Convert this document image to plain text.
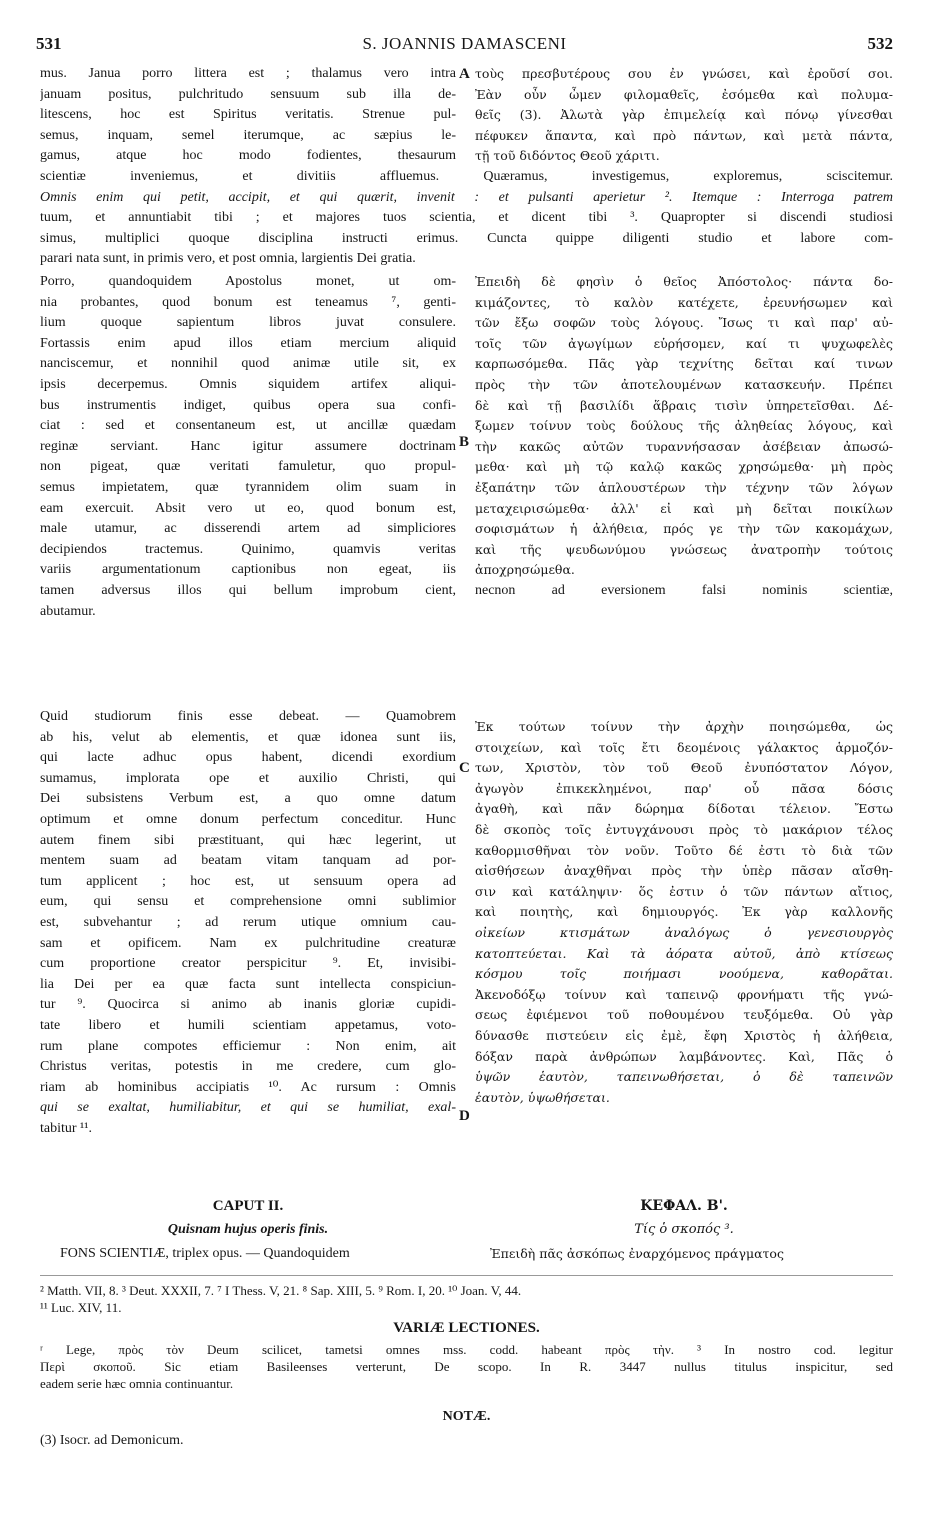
531	S. JOANNIS DAMASCENI	532
A
B
C
D
mus. Janua porro littera est ; thalamus vero intra
januam positus, pulchritudo sensuum sub illa de-
litescens, hoc est Spiritus veritatis. Strenue pul-
semus, inquam, semel iterumque, ac sæpius le-
gamus, atque hoc modo fodientes, thesaurum
τοὺς πρεσβυτέρους σου ἐν γνώσει, καὶ ἐροῦσί σοι.
Ἐὰν οὖν ὦμεν φιλομαθεῖς, ἐσόμεθα καὶ πολυμα-
θεῖς (3). Ἀλωτὰ γὰρ ἐπιμελείᾳ καὶ πόνῳ γίνεσθαι
πέφυκεν ἅπαντα, καὶ πρὸ πάντων, καὶ μετὰ πάντα,
τῇ τοῦ διδόντος Θεοῦ χάριτι.
scientiæ inveniemus, et divitiis affluemus. Quæramus, investigemus, exploremus, sciscitemur.
Omnis enim qui petit, accipit, et qui quærit, invenit : et pulsanti aperietur ². Itemque : Interroga patrem
tuum, et annuntiabit tibi ; et majores tuos scientia, et dicent tibi ³. Quapropter si discendi studiosi
simus, multiplici quoque disciplina instructi erimus. Cuncta quippe diligenti studio et labore com-
parari nata sunt, in primis vero, et post omnia, largientis Dei gratia.
Porro, quandoquidem Apostolus monet, ut om-
nia probantes, quod bonum est teneamus ⁷, genti-
lium quoque sapientum libros juvat consulere.
Fortassis enim apud illos etiam mercium aliquid
nanciscemur, et nonnihil quod animæ utile sit, ex
ipsis decerpemus. Omnis siquidem artifex aliqui-
bus instrumentis indiget, quibus opera sua confi-
ciat : sed et consentaneum est, ut ancillæ quædam
reginæ serviant. Hanc igitur assumere doctrinam
non pigeat, quæ veritati famuletur, quo propul-
semus impietatem, quæ tyrannidem olim suam in
eam exercuit. Absit vero ut eo, quod bonum est,
male utamur, ac disserendi artem ad simpliciores
decipiendos tractemus. Quinimo, quamvis veritas
variis argumentationum captionibus non egeat, iis
tamen adversus illos qui bellum improbum cient,
abutamur.
Ἐπειδὴ δὲ φησὶν ὁ θεῖος Ἀπόστολος· πάντα δο-
κιμάζοντες, τὸ καλὸν κατέχετε, ἐρευνήσωμεν καὶ
τῶν ἔξω σοφῶν τοὺς λόγους. Ἴσως τι καὶ παρ' αὐ-
τοῖς τῶν ἀγωγίμων εὑρήσομεν, καί τι ψυχωφελὲς
καρπωσόμεθα. Πᾶς γὰρ τεχνίτης δεῖται καί τινων
πρὸς τὴν τῶν ἀποτελουμένων κατασκευήν. Πρέπει
δὲ καὶ τῇ βασιλίδι ἅβραις τισὶν ὑπηρετεῖσθαι. Δέ-
ξωμεν τοίνυν τοὺς δούλους τῆς ἀληθείας λόγους, καὶ
τὴν κακῶς αὐτῶν τυραννήσασαν ἀσέβειαν ἀπωσώ-
μεθα· καὶ μὴ τῷ καλῷ κακῶς χρησώμεθα· μὴ πρὸς
ἐξαπάτην τῶν ἁπλουστέρων τὴν τέχνην τῶν λόγων
μεταχειρισώμεθα· ἀλλ' εἰ καὶ μὴ δεῖται ποικίλων
σοφισμάτων ἡ ἀλήθεια, πρός γε τὴν τῶν κακομάχων,
καὶ τῆς ψευδωνύμου γνώσεως ἀνατροπὴν τούτοις
ἀποχρησώμεθα.
necnon ad eversionem falsi nominis scientiæ,
Quid studiorum finis esse debeat. — Quamobrem
ab his, velut ab elementis, et quæ idonea sunt iis,
qui lacte adhuc opus habent, dicendi exordium
sumamus, implorata ope et auxilio Christi, qui
Dei subsistens Verbum est, a quo omne datum
optimum et omne donum perfectum conceditur. Hunc
autem finem sibi præstituant, qui hæc legerint, ut
mentem suam ad beatam vitam tanquam ad por-
tum applicent ; hoc est, ut sensuum opera ad
eum, qui sensu et comprehensione omni sublimior
est, subvehantur ; ad rerum utique omnium cau-
sam et opificem. Nam ex pulchritudine creaturæ
cum proportione creator perspicitur ⁹. Et, invisibi-
lia Dei per ea quæ facta sunt intellecta conspiciun-
tur ⁹. Quocirca si animo ab inanis gloriæ cupidi-
tate libero et humili scientiam appetamus, voto-
rum plane compotes efficiemur : Non enim, ait
Christus veritas, potestis in me credere, cum glo-
riam ab hominibus accipiatis ¹⁰. Ac rursum : Omnis
qui se exaltat, humiliabitur, et qui se humiliat, exal-
tabitur ¹¹.
Ἐκ τούτων τοίνυν τὴν ἀρχὴν ποιησώμεθα, ὡς
στοιχείων, καὶ τοῖς ἔτι δεομένοις γάλακτος ἁρμοζόν-
των, Χριστὸν, τὸν τοῦ Θεοῦ ἐνυπόστατον Λόγον,
ἀγωγὸν ἐπικεκλημένοι, παρ' οὗ πᾶσα δόσις
ἀγαθὴ, καὶ πᾶν δώρημα δίδοται τέλειον. Ἔστω
δὲ σκοπὸς τοῖς ἐντυγχάνουσι πρὸς τὸ μακάριον τέλος
καθορμισθῆναι τὸν νοῦν. Τοῦτο δέ ἐστι τὸ διὰ τῶν
αἰσθήσεων ἀναχθῆναι πρὸς τὴν ὑπὲρ πᾶσαν αἴσθη-
σιν καὶ κατάληψιν· ὅς ἐστιν ὁ τῶν πάντων αἴτιος,
καὶ ποιητὴς, καὶ δημιουργός. Ἐκ γὰρ καλλονῆς
οἰκείων κτισμάτων ἀναλόγως ὁ γενεσιουργὸς
κατοπτεύεται. Καὶ τὰ ἀόρατα αὐτοῦ, ἀπὸ κτίσεως
κόσμου τοῖς ποιήμασι νοούμενα, καθορᾶται.
Ἀκενοδόξῳ τοίνυν καὶ ταπεινῷ φρονήματι τῆς γνώ-
σεως ἐφιέμενοι τοῦ ποθουμένου τευξόμεθα. Οὐ γὰρ
δύνασθε πιστεύειν εἰς ἐμὲ, ἔφη Χριστὸς ἡ ἀλήθεια,
δόξαν παρὰ ἀνθρώπων λαμβάνοντες. Καὶ, Πᾶς ὁ
ὑψῶν ἑαυτὸν, ταπεινωθήσεται, ὁ δὲ ταπεινῶν
ἑαυτὸν, ὑψωθήσεται.
CAPUT II.
Quisnam hujus operis finis.
FONS SCIENTIÆ, triplex opus. — Quandoquidem
ΚΕΦΑΛ. Β'.
Τίς ὁ σκοπός ³.
Ἐπειδὴ πᾶς ἀσκόπως ἐναρχόμενος πράγματος
² Matth. VII, 8. ³ Deut. XXXII, 7. ⁷ I Thess. V, 21. ⁸ Sap. XIII, 5. ⁹ Rom. I, 20. ¹⁰ Joan. V, 44.
¹¹ Luc. XIV, 11.
VARIÆ LECTIONES.
ʳ Lege, πρὸς τὸν Deum scilicet, tametsi omnes mss. codd. habeant πρὸς τὴν. ³ In nostro cod. legitur
Περὶ σκοποῦ. Sic etiam Basileenses verterunt, De scopo. In R. 3447 nullus titulus inspicitur, sed
eadem serie hæc omnia continuantur.
NOTÆ.
(3) Isocr. ad Demonicum.
